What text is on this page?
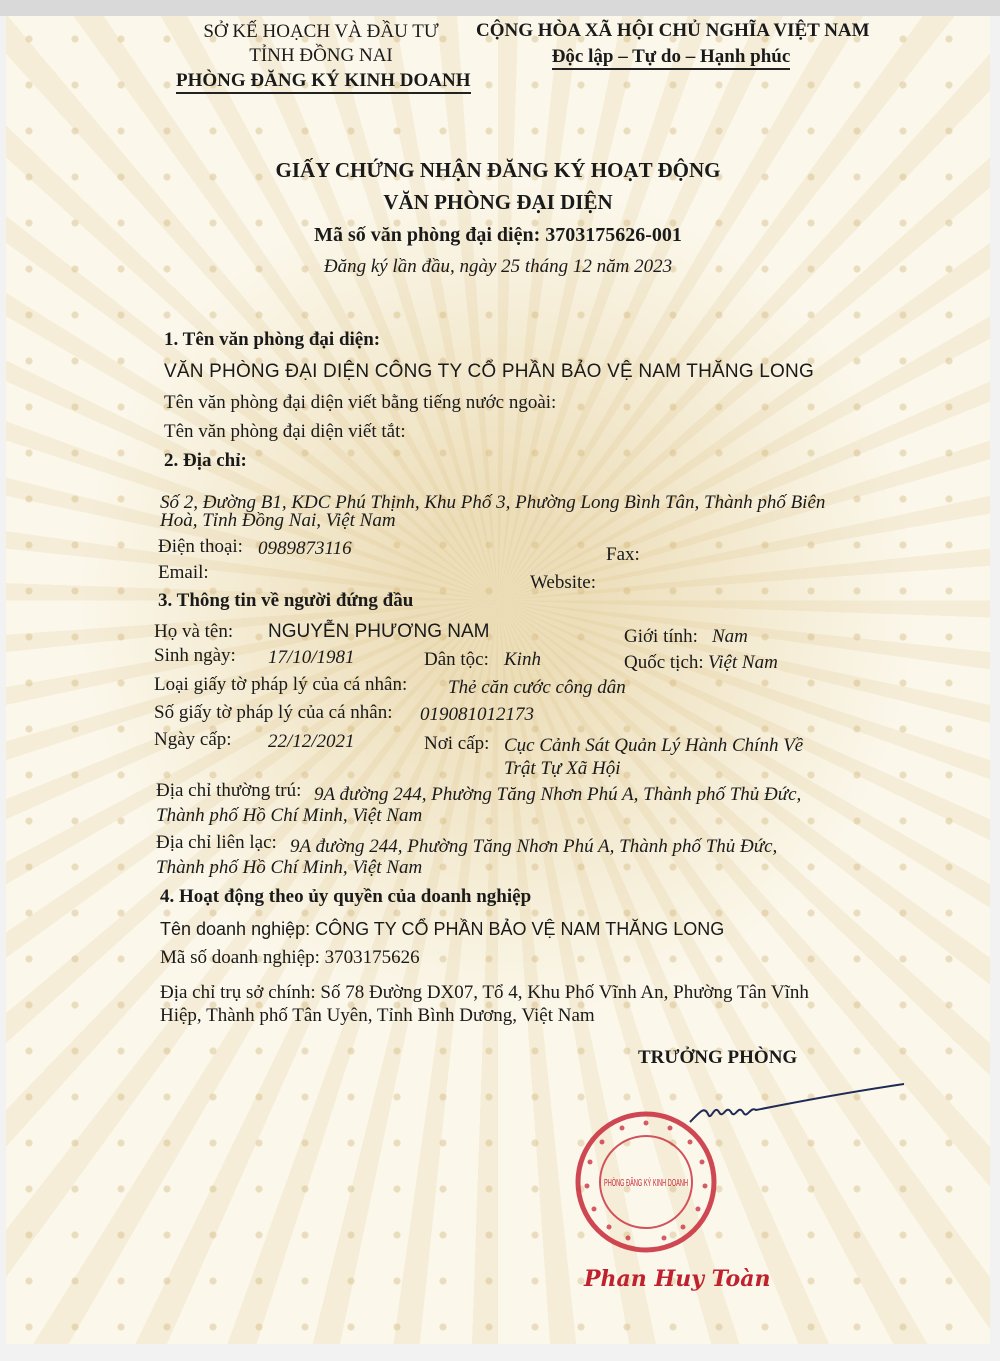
SỞ KẾ HOẠCH VÀ ĐẦU TƯ
TỈNH ĐỒNG NAI
PHÒNG ĐĂNG KÝ KINH DOANH
CỘNG HÒA XÃ HỘI CHỦ NGHĨA VIỆT NAM
Độc lập – Tự do – Hạnh phúc
GIẤY CHỨNG NHẬN ĐĂNG KÝ HOẠT ĐỘNG
VĂN PHÒNG ĐẠI DIỆN
Mã số văn phòng đại diện: 3703175626-001
Đăng ký lần đầu, ngày 25 tháng 12 năm 2023
1. Tên văn phòng đại diện:
VĂN PHÒNG ĐẠI DIỆN CÔNG TY CỔ PHẦN BẢO VỆ NAM THĂNG LONG
Tên văn phòng đại diện viết bằng tiếng nước ngoài:
Tên văn phòng đại diện viết tắt:
2. Địa chỉ:
Số 2, Đường B1, KDC Phú Thịnh, Khu Phố 3, Phường Long Bình Tân, Thành phố Biên
Hoà, Tỉnh Đồng Nai, Việt Nam
Điện thoại: 0989873116	Fax:
Email:	Website:
3. Thông tin về người đứng đầu
Họ và tên: NGUYỄN PHƯƠNG NAM	Giới tính: Nam
Sinh ngày: 17/10/1981	Dân tộc: Kinh	Quốc tịch: Việt Nam
Loại giấy tờ pháp lý của cá nhân: Thẻ căn cước công dân
Số giấy tờ pháp lý của cá nhân: 019081012173
Ngày cấp: 22/12/2021	Nơi cấp: Cục Cảnh Sát Quản Lý Hành Chính Về
Trật Tự Xã Hội
Địa chỉ thường trú: 9A đường 244, Phường Tăng Nhơn Phú A, Thành phố Thủ Đức,
Thành phố Hồ Chí Minh, Việt Nam
Địa chỉ liên lạc: 9A đường 244, Phường Tăng Nhơn Phú A, Thành phố Thủ Đức,
Thành phố Hồ Chí Minh, Việt Nam
4. Hoạt động theo ủy quyền của doanh nghiệp
Tên doanh nghiệp: CÔNG TY CỔ PHẦN BẢO VỆ NAM THĂNG LONG
Mã số doanh nghiệp: 3703175626
Địa chỉ trụ sở chính: Số 78 Đường DX07, Tổ 4, Khu Phố Vĩnh An, Phường Tân Vĩnh
Hiệp, Thành phố Tân Uyên, Tỉnh Bình Dương, Việt Nam
TRƯỞNG PHÒNG
PHÒNG ĐĂNG KÝ KINH DOANH
Phan Huy Toàn
